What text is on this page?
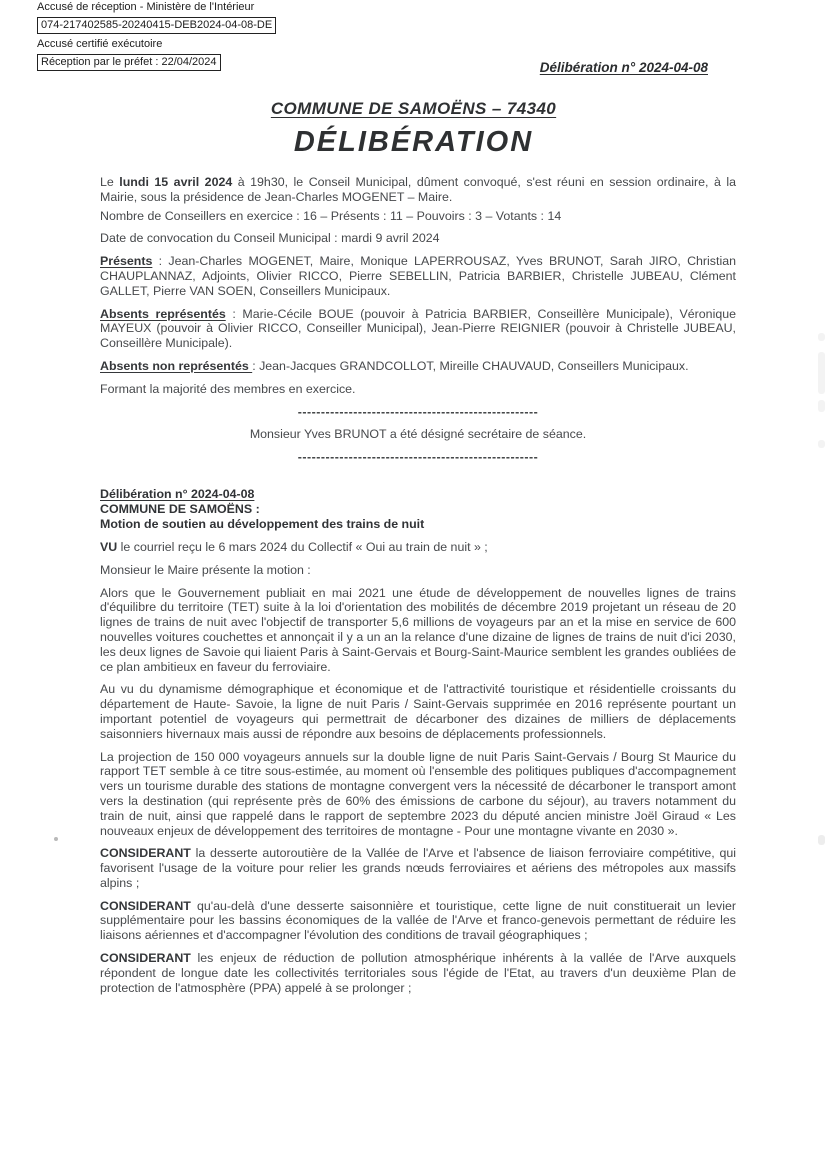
Accusé de réception - Ministère de l'Intérieur
074-217402585-20240415-DEB2024-04-08-DE
Accusé certifié exécutoire
Réception par le préfet : 22/04/2024	Délibération n° 2024-04-08
COMMUNE DE SAMOËNS – 74340
DÉLIBÉRATION

Le lundi 15 avril 2024 à 19h30, le Conseil Municipal, dûment convoqué, s'est réuni en session ordinaire, à la Mairie, sous la présidence de Jean-Charles MOGENET – Maire.

Nombre de Conseillers en exercice : 16 – Présents : 11 – Pouvoirs : 3 – Votants : 14

Date de convocation du Conseil Municipal : mardi 9 avril 2024

Présents : Jean-Charles MOGENET, Maire, Monique LAPERROUSAZ, Yves BRUNOT, Sarah JIRO, Christian CHAUPLANNAZ, Adjoints, Olivier RICCO, Pierre SEBELLIN, Patricia BARBIER, Christelle JUBEAU, Clément GALLET, Pierre VAN SOEN, Conseillers Municipaux.

Absents représentés : Marie-Cécile BOUE (pouvoir à Patricia BARBIER, Conseillère Municipale), Véronique MAYEUX (pouvoir à Olivier RICCO, Conseiller Municipal), Jean-Pierre REIGNIER (pouvoir à Christelle JUBEAU, Conseillère Municipale).

Absents non représentés : Jean-Jacques GRANDCOLLOT, Mireille CHAUVAUD, Conseillers Municipaux.

Formant la majorité des membres en exercice.

----------------------------------------------------

Monsieur Yves BRUNOT a été désigné secrétaire de séance.

----------------------------------------------------

Délibération n° 2024-04-08
COMMUNE DE SAMOËNS :
Motion de soutien au développement des trains de nuit

VU le courriel reçu le 6 mars 2024 du Collectif « Oui au train de nuit » ;

Monsieur le Maire présente la motion :

Alors que le Gouvernement publiait en mai 2021 une étude de développement de nouvelles lignes de trains d'équilibre du territoire (TET) suite à la loi d'orientation des mobilités de décembre 2019 projetant un réseau de 20 lignes de trains de nuit avec l'objectif de transporter 5,6 millions de voyageurs par an et la mise en service de 600 nouvelles voitures couchettes et annonçait il y a un an la relance d'une dizaine de lignes de trains de nuit d'ici 2030, les deux lignes de Savoie qui liaient Paris à Saint-Gervais et Bourg-Saint-Maurice semblent les grandes oubliées de ce plan ambitieux en faveur du ferroviaire.

Au vu du dynamisme démographique et économique et de l'attractivité touristique et résidentielle croissants du département de Haute- Savoie, la ligne de nuit Paris / Saint-Gervais supprimée en 2016 représente pourtant un important potentiel de voyageurs qui permettrait de décarboner des dizaines de milliers de déplacements saisonniers hivernaux mais aussi de répondre aux besoins de déplacements professionnels.

La projection de 150 000 voyageurs annuels sur la double ligne de nuit Paris Saint-Gervais / Bourg St Maurice du rapport TET semble à ce titre sous-estimée, au moment où l'ensemble des politiques publiques d'accompagnement vers un tourisme durable des stations de montagne convergent vers la nécessité de décarboner le transport amont vers la destination (qui représente près de 60% des émissions de carbone du séjour), au travers notamment du train de nuit, ainsi que rappelé dans le rapport de septembre 2023 du député ancien ministre Joël Giraud « Les nouveaux enjeux de développement des territoires de montagne - Pour une montagne vivante en 2030 ».

CONSIDERANT la desserte autoroutière de la Vallée de l'Arve et l'absence de liaison ferroviaire compétitive, qui favorisent l'usage de la voiture pour relier les grands nœuds ferroviaires et aériens des métropoles aux massifs alpins ;

CONSIDERANT qu'au-delà d'une desserte saisonnière et touristique, cette ligne de nuit constituerait un levier supplémentaire pour les bassins économiques de la vallée de l'Arve et franco-genevois permettant de réduire les liaisons aériennes et d'accompagner l'évolution des conditions de travail géographiques ;

CONSIDERANT les enjeux de réduction de pollution atmosphérique inhérents à la vallée de l'Arve auxquels répondent de longue date les collectivités territoriales sous l'égide de l'Etat, au travers d'un deuxième Plan de protection de l'atmosphère (PPA) appelé à se prolonger ;
